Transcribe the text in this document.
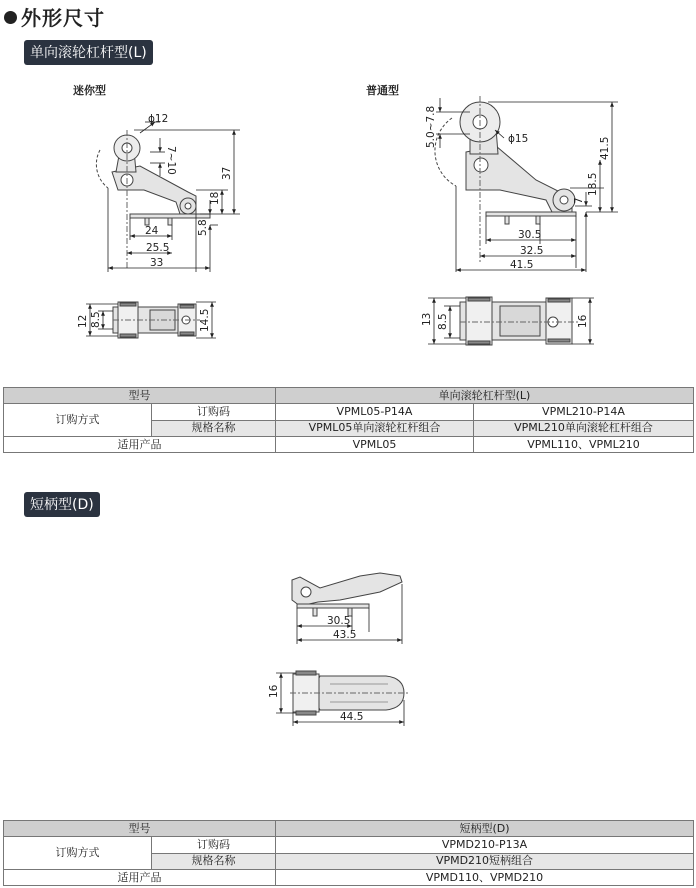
外形尺寸
单向滚轮杠杆型(L)
迷你型	普通型
短柄型(D)
ϕ12
7~10	37
18
5.8
24
25.5
33
12 8.5	14.5
5.0~7.8	ϕ15	41.5
18.5
7
30.5
32.5
41.5
13 8.5	16
30.5
43.5
16
44.5
型号		单向滚轮杠杆型(L)	
订购方式	订购码	VPML05-P14A	VPML210-P14A
	规格名称	VPML05单向滚轮杠杆组合	VPML210单向滚轮杠杆组合
适用产品		VPML05	VPML110、VPML210
型号		短柄型(D)
订购方式	订购码	VPMD210-P13A
	规格名称	VPMD210短柄组合
适用产品		VPMD110、VPMD210
